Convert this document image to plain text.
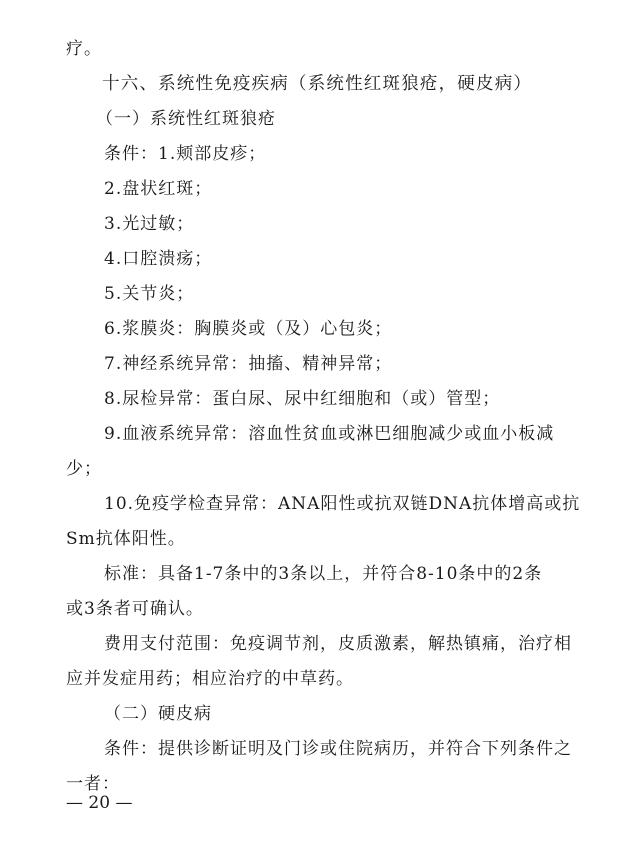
疗。
十六、系统性免疫疾病（系统性红斑狼疮，硬皮病）
（一）系统性红斑狼疮
条件：1.颊部皮疹；
2.盘状红斑；
3.光过敏；
4.口腔溃疡；
5.关节炎；
6.浆膜炎：胸膜炎或（及）心包炎；
7.神经系统异常：抽搐、精神异常；
8.尿检异常：蛋白尿、尿中红细胞和（或）管型；
9.血液系统异常：溶血性贫血或淋巴细胞减少或血小板减
少；
10.免疫学检查异常：ANA阳性或抗双链DNA抗体增高或抗
Sm抗体阳性。
标准：具备1-7条中的3条以上，并符合8-10条中的2条
或3条者可确认。
费用支付范围：免疫调节剂，皮质激素，解热镇痛，治疗相
应并发症用药；相应治疗的中草药。
（二）硬皮病
条件：提供诊断证明及门诊或住院病历，并符合下列条件之
一者：
— 20 —
